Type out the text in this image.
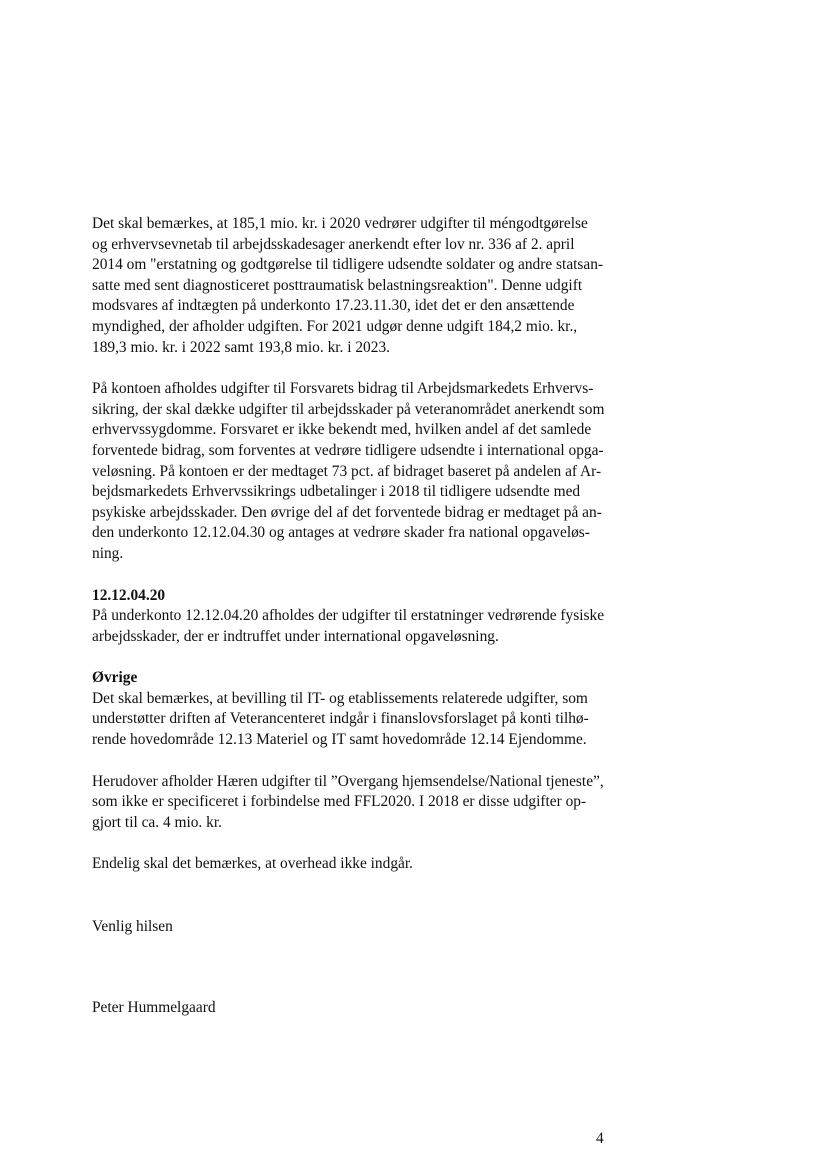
Det skal bemærkes, at 185,1 mio. kr. i 2020 vedrører udgifter til méngodtgørelse
og erhvervsevnetab til arbejdsskadesager anerkendt efter lov nr. 336 af 2. april
2014 om "erstatning og godtgørelse til tidligere udsendte soldater og andre statsan-
satte med sent diagnosticeret posttraumatisk belastningsreaktion". Denne udgift
modsvares af indtægten på underkonto 17.23.11.30, idet det er den ansættende
myndighed, der afholder udgiften. For 2021 udgør denne udgift 184,2 mio. kr.,
189,3 mio. kr. i 2022 samt 193,8 mio. kr. i 2023.
På kontoen afholdes udgifter til Forsvarets bidrag til Arbejdsmarkedets Erhvervs-
sikring, der skal dække udgifter til arbejdsskader på veteranområdet anerkendt som
erhvervssygdomme. Forsvaret er ikke bekendt med, hvilken andel af det samlede
forventede bidrag, som forventes at vedrøre tidligere udsendte i international opga-
veløsning. På kontoen er der medtaget 73 pct. af bidraget baseret på andelen af Ar-
bejdsmarkedets Erhvervssikrings udbetalinger i 2018 til tidligere udsendte med
psykiske arbejdsskader. Den øvrige del af det forventede bidrag er medtaget på an-
den underkonto 12.12.04.30 og antages at vedrøre skader fra national opgaveløs-
ning.
12.12.04.20
På underkonto 12.12.04.20 afholdes der udgifter til erstatninger vedrørende fysiske
arbejdsskader, der er indtruffet under international opgaveløsning.
Øvrige
Det skal bemærkes, at bevilling til IT- og etablissements relaterede udgifter, som
understøtter driften af Veterancenteret indgår i finanslovsforslaget på konti tilhø-
rende hovedområde 12.13 Materiel og IT samt hovedområde 12.14 Ejendomme.
Herudover afholder Hæren udgifter til ”Overgang hjemsendelse/National tjeneste”,
som ikke er specificeret i forbindelse med FFL2020. I 2018 er disse udgifter op-
gjort til ca. 4 mio. kr.
Endelig skal det bemærkes, at overhead ikke indgår.
Venlig hilsen
Peter Hummelgaard
4
